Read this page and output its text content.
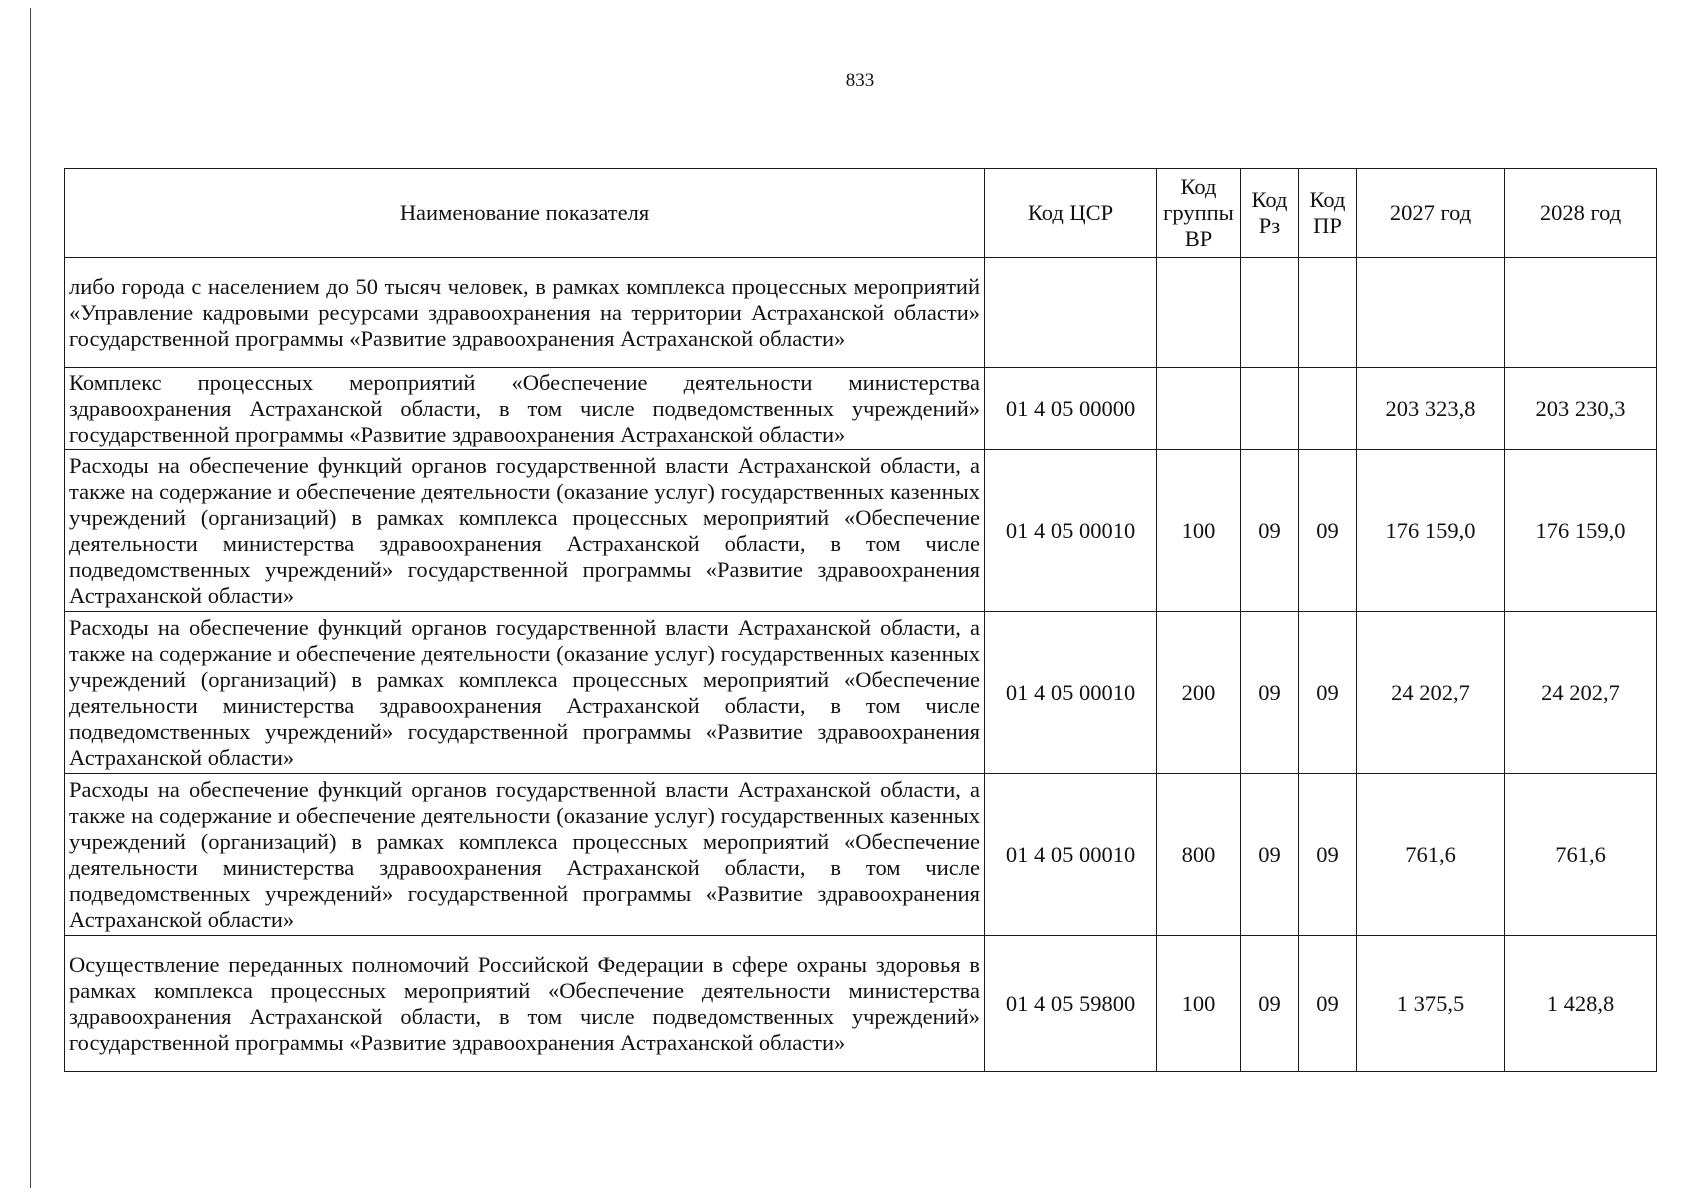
833
Наименование показателя	Код ЦСР	Код группы ВР	Код Рз	Код ПР	2027 год	2028 год
либо города с населением до 50 тысяч человек, в рамках комплекса процессных мероприятий «Управление кадровыми ресурсами здравоохранения на территории Астраханской области» государственной программы «Развитие здравоохранения Астраханской области»						
Комплекс процессных мероприятий «Обеспечение деятельности министерства здравоохранения Астраханской области, в том числе подведомственных учреждений» государственной программы «Развитие здравоохранения Астраханской области»	01 4 05 00000				203 323,8	203 230,3
Расходы на обеспечение функций органов государственной власти Астраханской области, а также на содержание и обеспечение деятельности (оказание услуг) государственных казенных учреждений (организаций) в рамках комплекса процессных мероприятий «Обеспечение деятельности министерства здравоохранения Астраханской области, в том числе подведомственных учреждений» государственной программы «Развитие здравоохранения Астраханской области»	01 4 05 00010	100	09	09	176 159,0	176 159,0
Расходы на обеспечение функций органов государственной власти Астраханской области, а также на содержание и обеспечение деятельности (оказание услуг) государственных казенных учреждений (организаций) в рамках комплекса процессных мероприятий «Обеспечение деятельности министерства здравоохранения Астраханской области, в том числе подведомственных учреждений» государственной программы «Развитие здравоохранения Астраханской области»	01 4 05 00010	200	09	09	24 202,7	24 202,7
Расходы на обеспечение функций органов государственной власти Астраханской области, а также на содержание и обеспечение деятельности (оказание услуг) государственных казенных учреждений (организаций) в рамках комплекса процессных мероприятий «Обеспечение деятельности министерства здравоохранения Астраханской области, в том числе подведомственных учреждений» государственной программы «Развитие здравоохранения Астраханской области»	01 4 05 00010	800	09	09	761,6	761,6
Осуществление переданных полномочий Российской Федерации в сфере охраны здоровья в рамках комплекса процессных мероприятий «Обеспечение деятельности министерства здравоохранения Астраханской области, в том числе подведомственных учреждений» государственной программы «Развитие здравоохранения Астраханской области»	01 4 05 59800	100	09	09	1 375,5	1 428,8
